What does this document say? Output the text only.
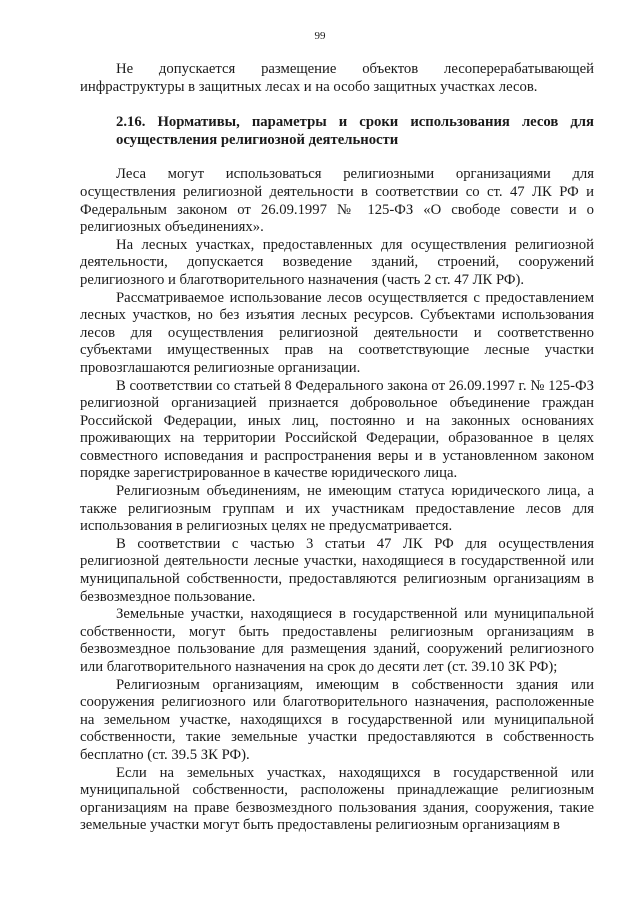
99

Не допускается размещение объектов лесоперерабатывающей инфраструктуры в защитных лесах и на особо защитных участках лесов.

2.16. Нормативы, параметры и сроки использования лесов для осуществления религиозной деятельности

Леса могут использоваться религиозными организациями для осуществления религиозной деятельности в соответствии со ст. 47 ЛК РФ и Федеральным законом от 26.09.1997 № 125-ФЗ «О свободе совести и о религиозных объединениях».

На лесных участках, предоставленных для осуществления религиозной деятельности, допускается возведение зданий, строений, сооружений религиозного и благотворительного назначения (часть 2 ст. 47 ЛК РФ).

Рассматриваемое использование лесов осуществляется с предоставлением лесных участков, но без изъятия лесных ресурсов. Субъектами использования лесов для осуществления религиозной деятельности и соответственно субъектами имущественных прав на соответствующие лесные участки провозглашаются религиозные организации.

В соответствии со статьей 8 Федерального закона от 26.09.1997 г. № 125-ФЗ религиозной организацией признается добровольное объединение граждан Российской Федерации, иных лиц, постоянно и на законных основаниях проживающих на территории Российской Федерации, образованное в целях совместного исповедания и распространения веры и в установленном законом порядке зарегистрированное в качестве юридического лица.

Религиозным объединениям, не имеющим статуса юридического лица, а также религиозным группам и их участникам предоставление лесов для использования в религиозных целях не предусматривается.

В соответствии с частью 3 статьи 47 ЛК РФ для осуществления религиозной деятельности лесные участки, находящиеся в государственной или муниципальной собственности, предоставляются религиозным организациям в безвозмездное пользование.

Земельные участки, находящиеся в государственной или муниципальной собственности, могут быть предоставлены религиозным организациям в безвозмездное пользование для размещения зданий, сооружений религиозного или благотворительного назначения на срок до десяти лет (ст. 39.10 ЗК РФ);

Религиозным организациям, имеющим в собственности здания или сооружения религиозного или благотворительного назначения, расположенные на земельном участке, находящихся в государственной или муниципальной собственности, такие земельные участки предоставляются в собственность бесплатно (ст. 39.5 ЗК РФ).

Если на земельных участках, находящихся в государственной или муниципальной собственности, расположены принадлежащие религиозным организациям на праве безвозмездного пользования здания, сооружения, такие земельные участки могут быть предоставлены религиозным организациям в
